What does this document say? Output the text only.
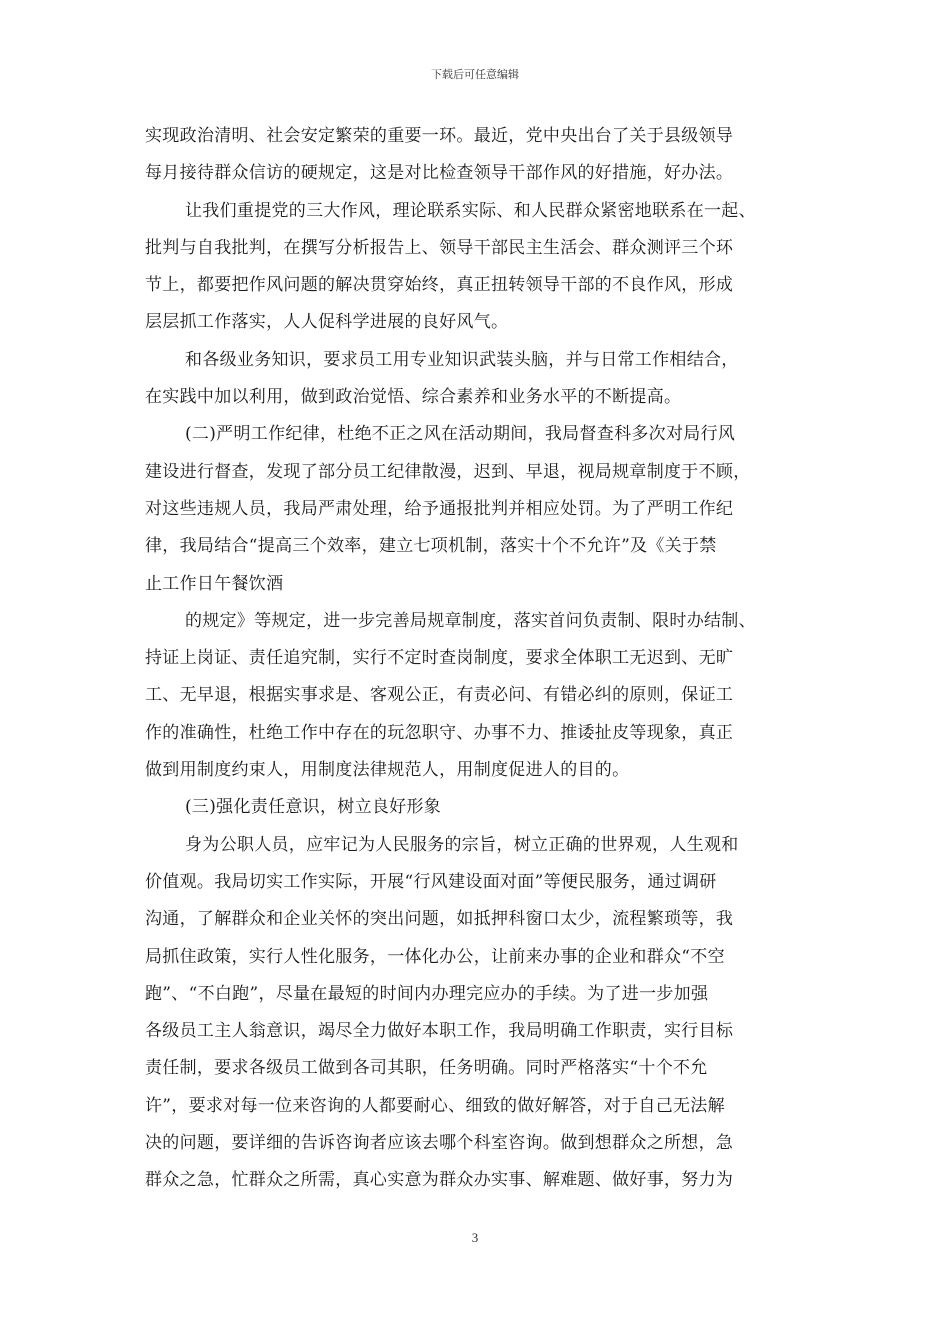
下载后可任意编辑
实现政治清明、社会安定繁荣的重要一环。最近，党中央出台了关于县级领导
每月接待群众信访的硬规定，这是对比检查领导干部作风的好措施，好办法。
让我们重提党的三大作风，理论联系实际、和人民群众紧密地联系在一起、
批判与自我批判，在撰写分析报告上、领导干部民主生活会、群众测评三个环
节上，都要把作风问题的解决贯穿始终，真正扭转领导干部的不良作风，形成
层层抓工作落实，人人促科学进展的良好风气。
和各级业务知识，要求员工用专业知识武装头脑，并与日常工作相结合，
在实践中加以利用，做到政治觉悟、综合素养和业务水平的不断提高。
(二)严明工作纪律，杜绝不正之风在活动期间，我局督查科多次对局行风
建设进行督查，发现了部分员工纪律散漫，迟到、早退，视局规章制度于不顾，
对这些违规人员，我局严肃处理，给予通报批判并相应处罚。为了严明工作纪
律，我局结合“提高三个效率，建立七项机制，落实十个不允许”及《关于禁
止工作日午餐饮酒
的规定》等规定，进一步完善局规章制度，落实首问负责制、限时办结制、
持证上岗证、责任追究制，实行不定时查岗制度，要求全体职工无迟到、无旷
工、无早退，根据实事求是、客观公正，有责必问、有错必纠的原则，保证工
作的准确性，杜绝工作中存在的玩忽职守、办事不力、推诿扯皮等现象，真正
做到用制度约束人，用制度法律规范人，用制度促进人的目的。
(三)强化责任意识，树立良好形象
身为公职人员，应牢记为人民服务的宗旨，树立正确的世界观，人生观和
价值观。我局切实工作实际，开展“行风建设面对面”等便民服务，通过调研
沟通，了解群众和企业关怀的突出问题，如抵押科窗口太少，流程繁琐等，我
局抓住政策，实行人性化服务，一体化办公，让前来办事的企业和群众“不空
跑”、“不白跑”，尽量在最短的时间内办理完应办的手续。为了进一步加强
各级员工主人翁意识，竭尽全力做好本职工作，我局明确工作职责，实行目标
责任制，要求各级员工做到各司其职，任务明确。同时严格落实“十个不允
许”，要求对每一位来咨询的人都要耐心、细致的做好解答，对于自己无法解
决的问题，要详细的告诉咨询者应该去哪个科室咨询。做到想群众之所想，急
群众之急，忙群众之所需，真心实意为群众办实事、解难题、做好事，努力为
3
